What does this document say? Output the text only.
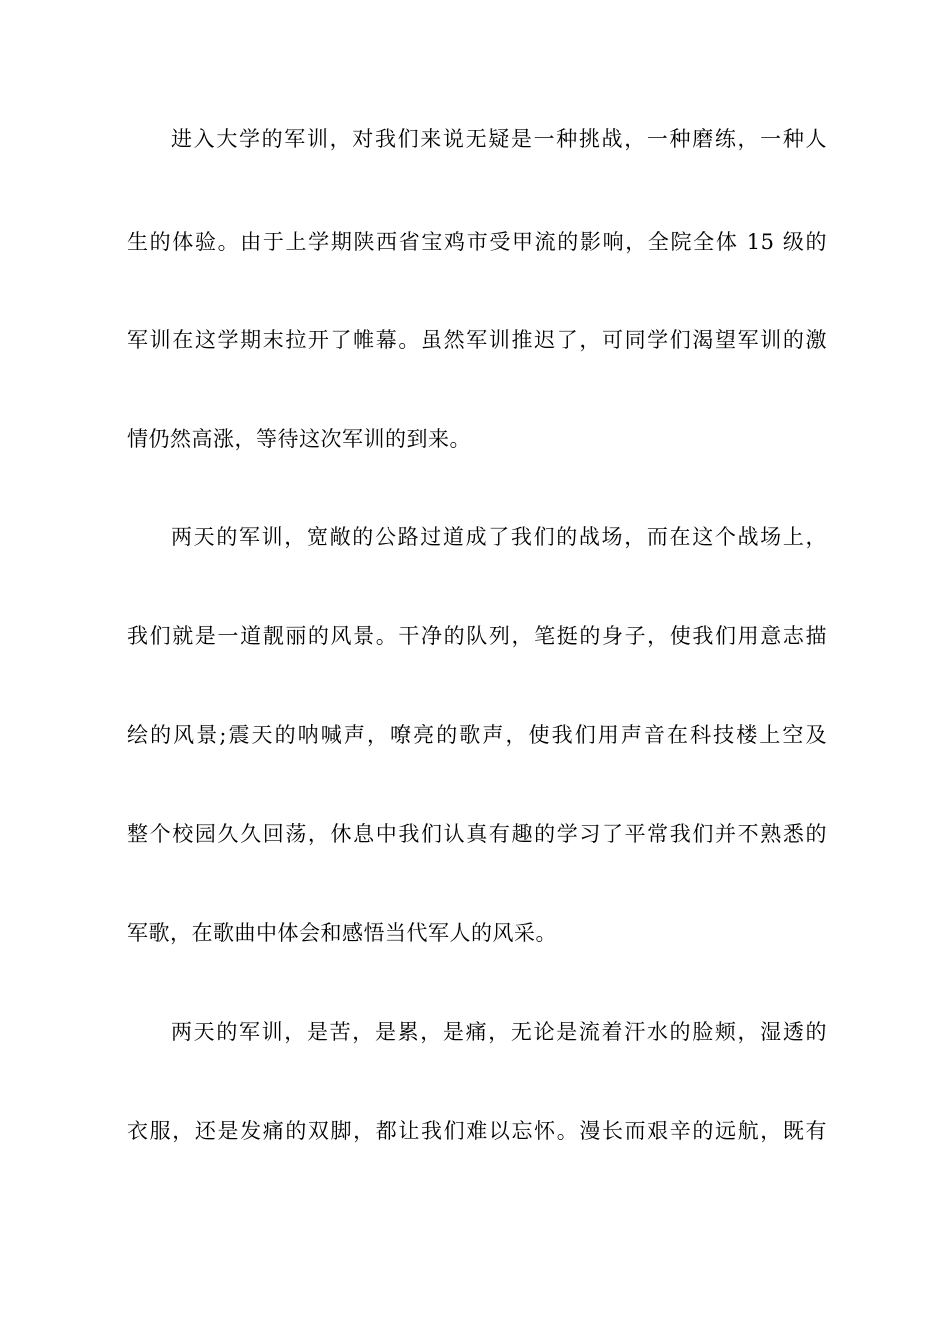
进入大学的军训，对我们来说无疑是一种挑战，一种磨练，一种人
生的体验。由于上学期陕西省宝鸡市受甲流的影响，全院全体 15 级的
军训在这学期末拉开了帷幕。虽然军训推迟了，可同学们渴望军训的激
情仍然高涨，等待这次军训的到来。
两天的军训，宽敞的公路过道成了我们的战场，而在这个战场上，
我们就是一道靓丽的风景。干净的队列，笔挺的身子，使我们用意志描
绘的风景;震天的呐喊声，嘹亮的歌声，使我们用声音在科技楼上空及
整个校园久久回荡，休息中我们认真有趣的学习了平常我们并不熟悉的
军歌，在歌曲中体会和感悟当代军人的风采。
两天的军训，是苦，是累，是痛，无论是流着汗水的脸颊，湿透的
衣服，还是发痛的双脚，都让我们难以忘怀。漫长而艰辛的远航，既有
